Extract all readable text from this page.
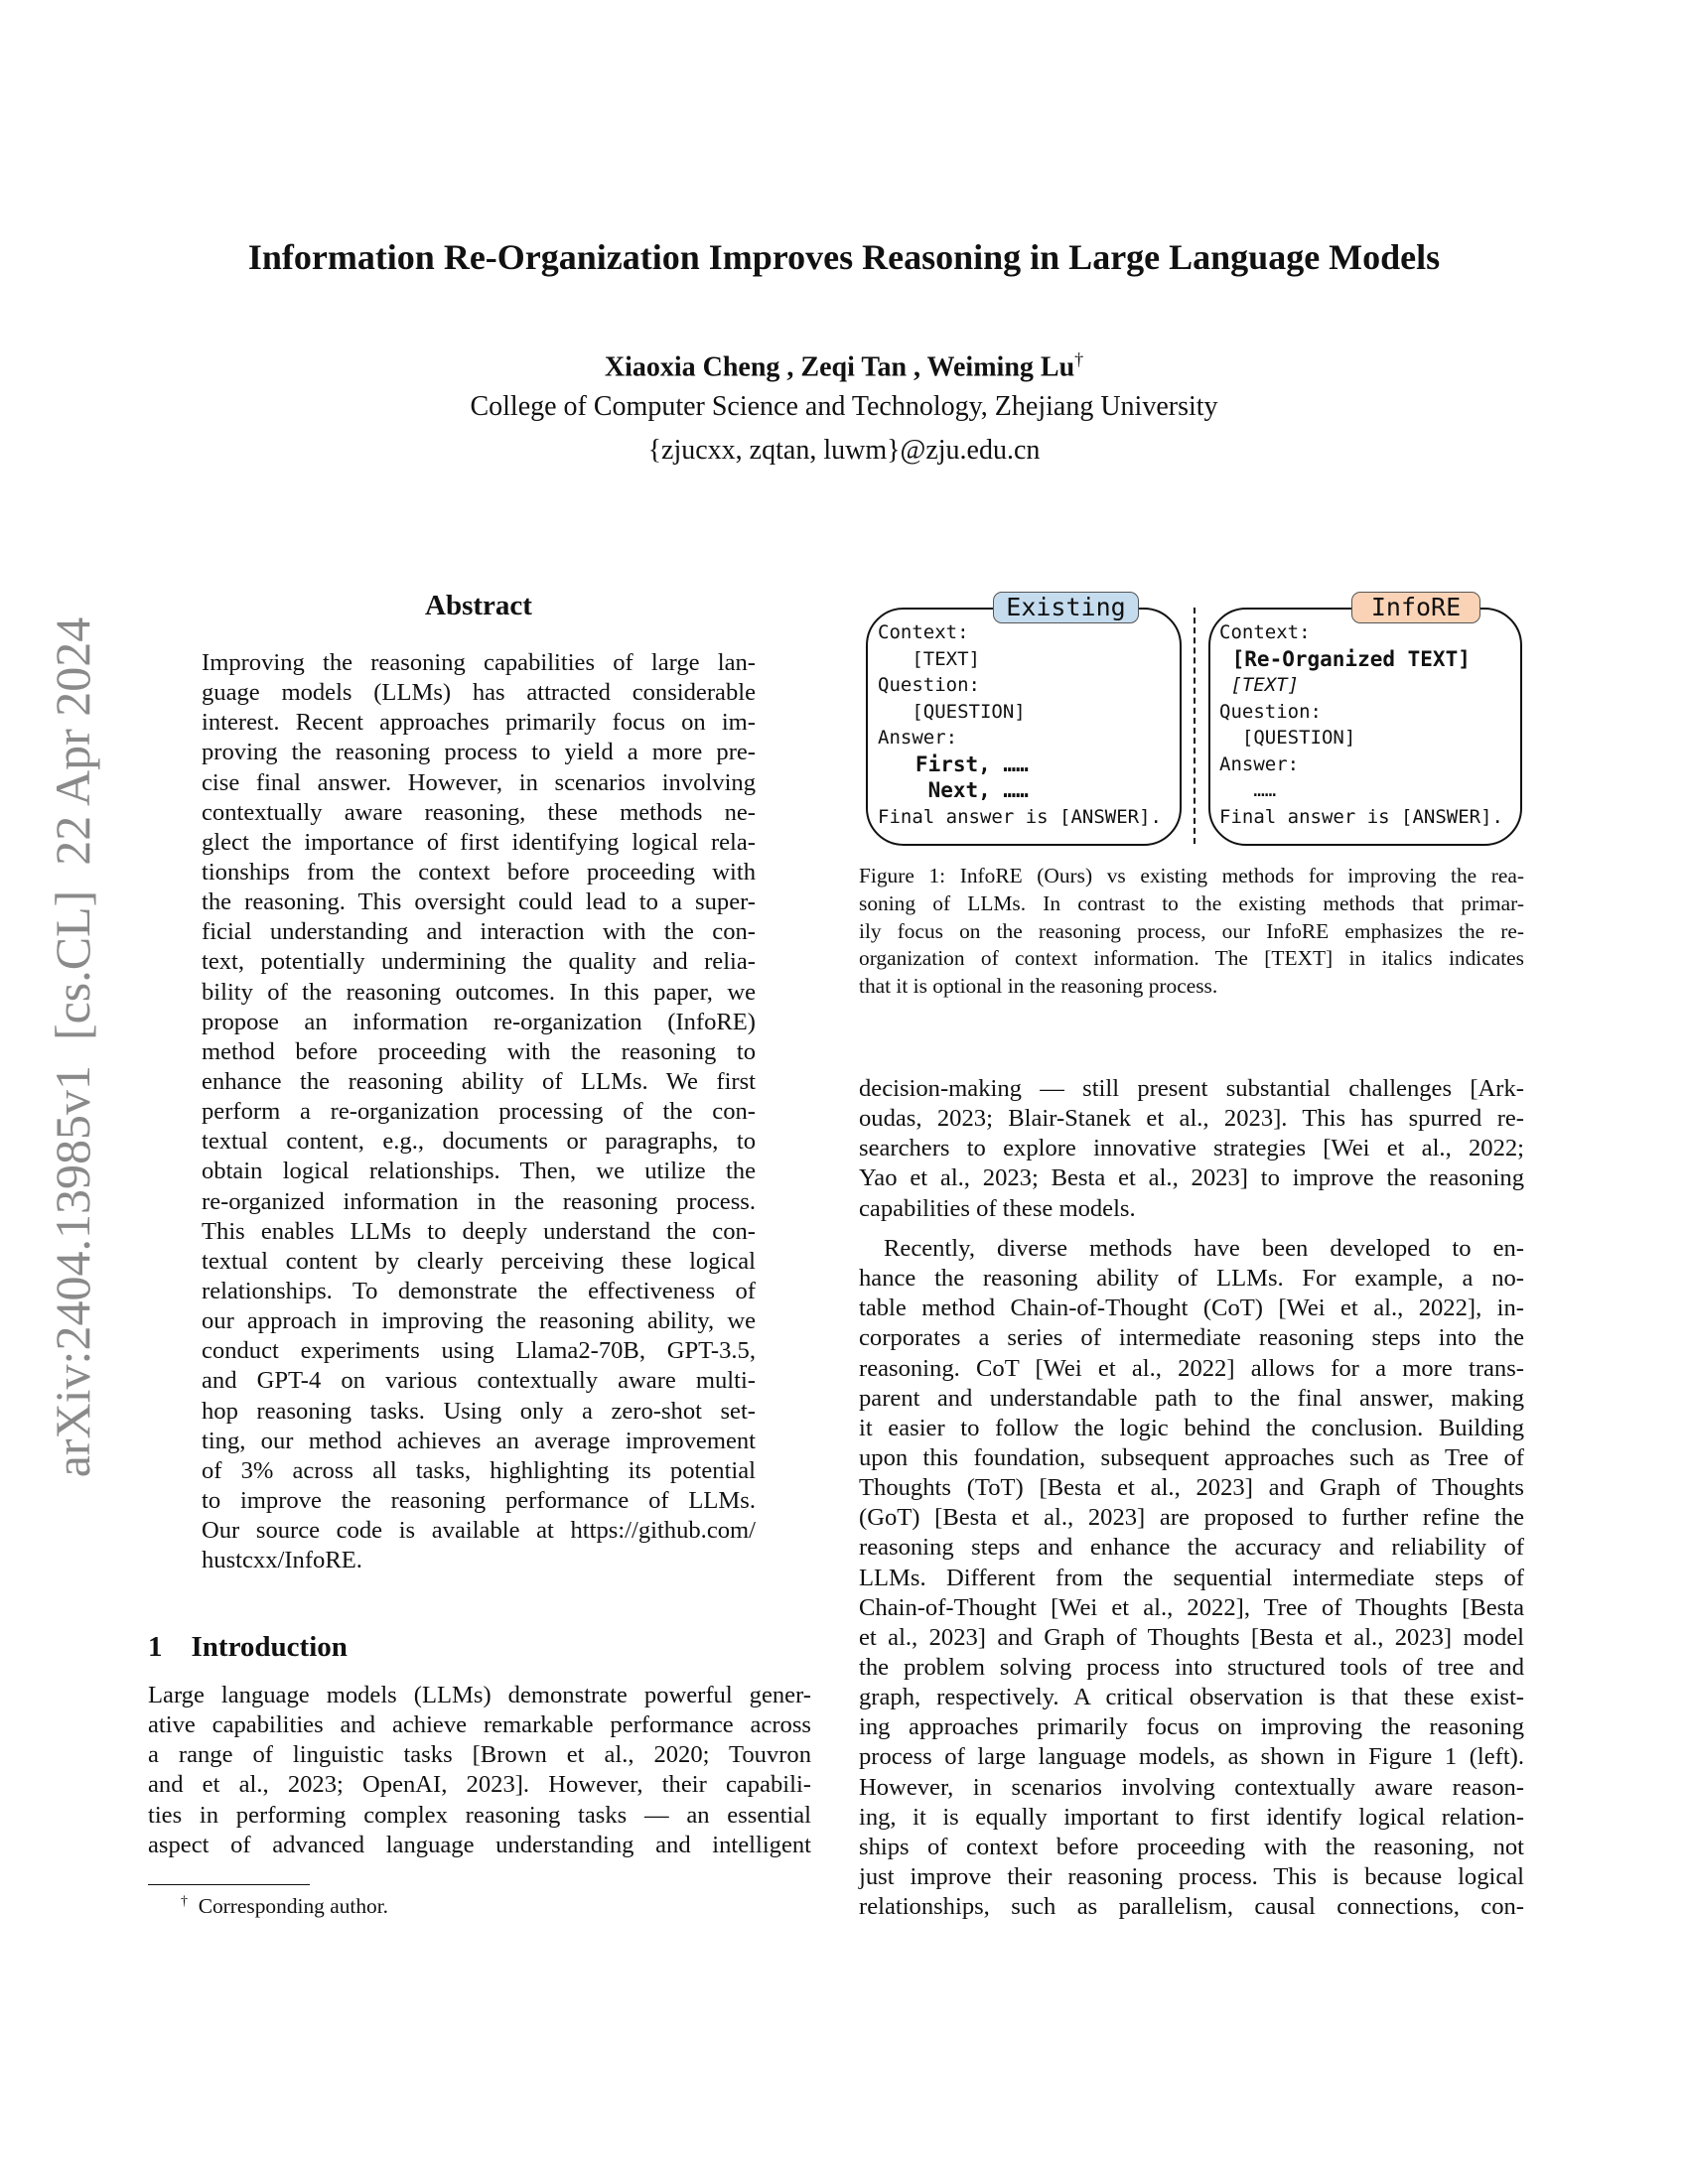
arXiv:2404.13985v1  [cs.CL]  22 Apr 2024
Information Re-Organization Improves Reasoning in Large Language Models
Xiaoxia Cheng , Zeqi Tan , Weiming Lu†
College of Computer Science and Technology, Zhejiang University
{zjucxx, zqtan, luwm}@zju.edu.cn
Abstract
Improving the reasoning capabilities of large lan-
guage models (LLMs) has attracted considerable
interest. Recent approaches primarily focus on im-
proving the reasoning process to yield a more pre-
cise final answer. However, in scenarios involving
contextually aware reasoning, these methods ne-
glect the importance of first identifying logical rela-
tionships from the context before proceeding with
the reasoning. This oversight could lead to a super-
ficial understanding and interaction with the con-
text, potentially undermining the quality and relia-
bility of the reasoning outcomes. In this paper, we
propose an information re-organization (InfoRE)
method before proceeding with the reasoning to
enhance the reasoning ability of LLMs. We first
perform a re-organization processing of the con-
textual content, e.g., documents or paragraphs, to
obtain logical relationships. Then, we utilize the
re-organized information in the reasoning process.
This enables LLMs to deeply understand the con-
textual content by clearly perceiving these logical
relationships. To demonstrate the effectiveness of
our approach in improving the reasoning ability, we
conduct experiments using Llama2-70B, GPT-3.5,
and GPT-4 on various contextually aware multi-
hop reasoning tasks. Using only a zero-shot set-
ting, our method achieves an average improvement
of 3% across all tasks, highlighting its potential
to improve the reasoning performance of LLMs.
Our source code is available at https://github.com/
hustcxx/InfoRE.
1    Introduction
Large language models (LLMs) demonstrate powerful gener-
ative capabilities and achieve remarkable performance across
a range of linguistic tasks [Brown et al., 2020; Touvron
and et al., 2023; OpenAI, 2023]. However, their capabili-
ties in performing complex reasoning tasks — an essential
aspect of advanced language understanding and intelligent
decision-making — still present substantial challenges [Ark-
oudas, 2023; Blair-Stanek et al., 2023]. This has spurred re-
searchers to explore innovative strategies [Wei et al., 2022;
Yao et al., 2023; Besta et al., 2023] to improve the reasoning
capabilities of these models.
Recently, diverse methods have been developed to en-
hance the reasoning ability of LLMs. For example, a no-
table method Chain-of-Thought (CoT) [Wei et al., 2022], in-
corporates a series of intermediate reasoning steps into the
reasoning. CoT [Wei et al., 2022] allows for a more trans-
parent and understandable path to the final answer, making
it easier to follow the logic behind the conclusion. Building
upon this foundation, subsequent approaches such as Tree of
Thoughts (ToT) [Besta et al., 2023] and Graph of Thoughts
(GoT) [Besta et al., 2023] are proposed to further refine the
reasoning steps and enhance the accuracy and reliability of
LLMs. Different from the sequential intermediate steps of
Chain-of-Thought [Wei et al., 2022], Tree of Thoughts [Besta
et al., 2023] and Graph of Thoughts [Besta et al., 2023] model
the problem solving process into structured tools of tree and
graph, respectively. A critical observation is that these exist-
ing approaches primarily focus on improving the reasoning
process of large language models, as shown in Figure 1 (left).
However, in scenarios involving contextually aware reason-
ing, it is equally important to first identify logical relation-
ships of context before proceeding with the reasoning, not
just improve their reasoning process. This is because logical
relationships, such as parallelism, causal connections, con-
Context:
[TEXT]
Question:
[QUESTION]
Answer:
First, ……
Next, ……
Final answer is [ANSWER].
Existing
Context:
[Re-Organized TEXT]
[TEXT]
Question:
[QUESTION]
Answer:
……
Final answer is [ANSWER].
InfoRE
Figure 1: InfoRE (Ours) vs existing methods for improving the rea-
soning of LLMs. In contrast to the existing methods that primar-
ily focus on the reasoning process, our InfoRE emphasizes the re-
organization of context information. The [TEXT] in italics indicates
that it is optional in the reasoning process.
† Corresponding author.
